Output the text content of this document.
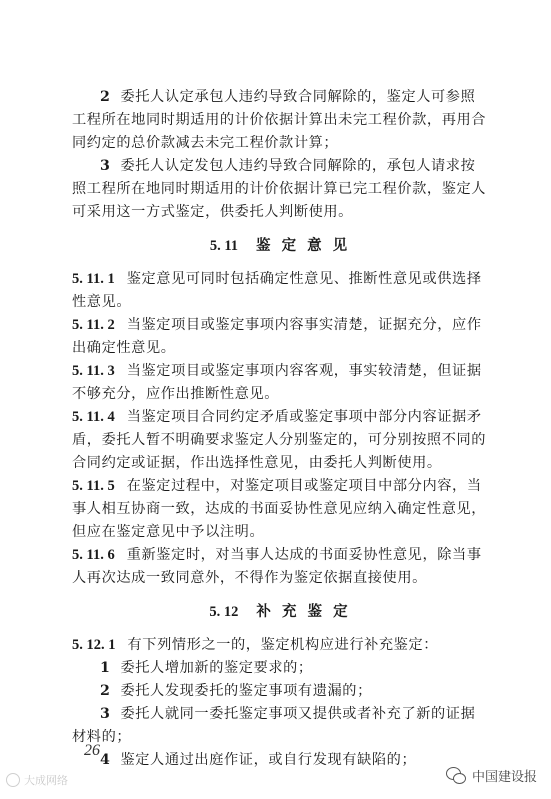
2 委托人认定承包人违约导致合同解除的，鉴定人可参照

工程所在地同时期适用的计价依据计算出未完工程价款，再用合

同约定的总价款减去未完工程价款计算；

3 委托人认定发包人违约导致合同解除的，承包人请求按

照工程所在地同时期适用的计价依据计算已完工程价款，鉴定人

可采用这一方式鉴定，供委托人判断使用。

5. 11 鉴 定 意 见

5. 11. 1 鉴定意见可同时包括确定性意见、推断性意见或供选择

性意见。

5. 11. 2 当鉴定项目或鉴定事项内容事实清楚，证据充分，应作

出确定性意见。

5. 11. 3 当鉴定项目或鉴定事项内容客观，事实较清楚，但证据

不够充分，应作出推断性意见。

5. 11. 4 当鉴定项目合同约定矛盾或鉴定事项中部分内容证据矛

盾，委托人暂不明确要求鉴定人分别鉴定的，可分别按照不同的

合同约定或证据，作出选择性意见，由委托人判断使用。

5. 11. 5 在鉴定过程中，对鉴定项目或鉴定项目中部分内容，当

事人相互协商一致，达成的书面妥协性意见应纳入确定性意见，

但应在鉴定意见中予以注明。

5. 11. 6 重新鉴定时，对当事人达成的书面妥协性意见，除当事

人再次达成一致同意外，不得作为鉴定依据直接使用。

5. 12 补 充 鉴 定

5. 12. 1 有下列情形之一的，鉴定机构应进行补充鉴定：

1 委托人增加新的鉴定要求的；

2 委托人发现委托的鉴定事项有遗漏的；

3 委托人就同一委托鉴定事项又提供或者补充了新的证据

材料的；

4 鉴定人通过出庭作证，或自行发现有缺陷的；

26
大成网络	中国建设报
